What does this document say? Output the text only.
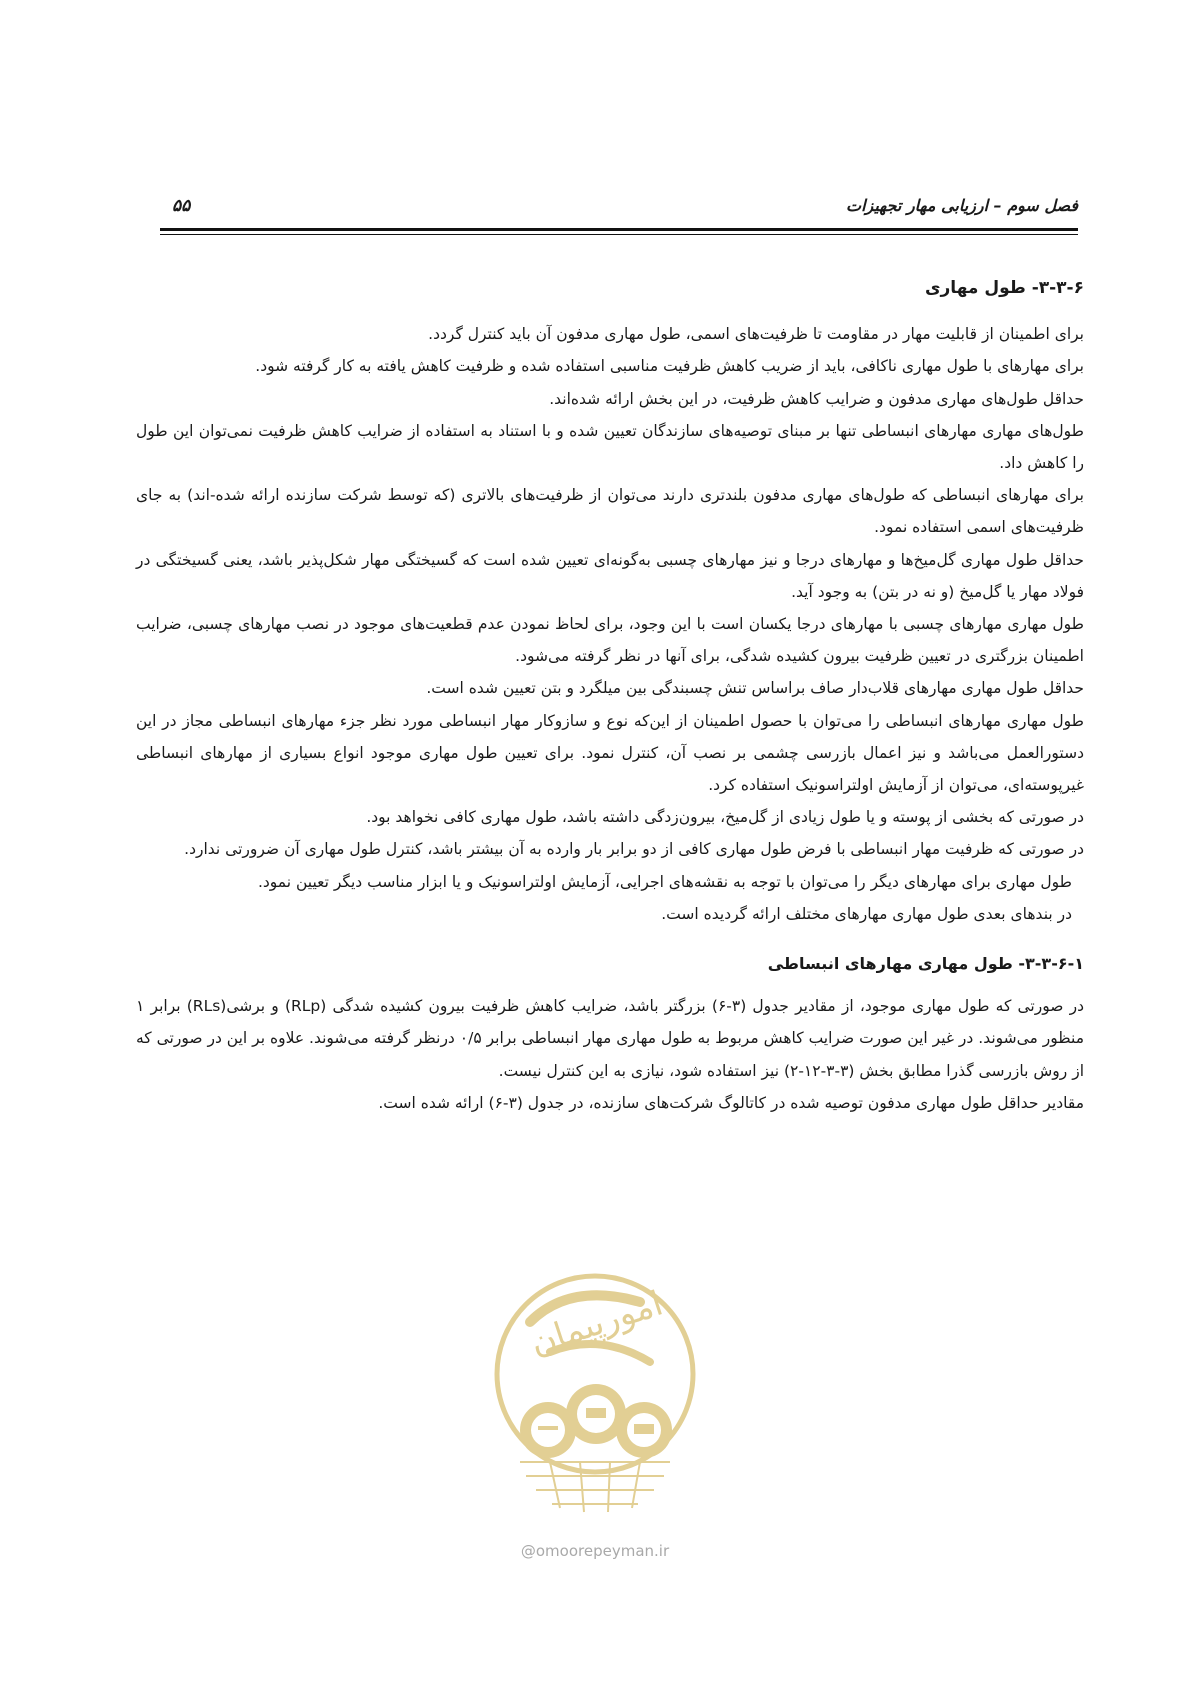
فصل سوم – ارزیابی مهار تجهیزات
۵۵
۳-۳-۶- طول مهاری

برای اطمینان از قابلیت مهار در مقاومت تا ظرفیت‌های اسمی، طول مهاری مدفون آن باید کنترل گردد.

برای مهارهای با طول مهاری ناکافی، باید از ضریب کاهش ظرفیت مناسبی استفاده شده و ظرفیت کاهش یافته به کار گرفته شود.

حداقل طول‌های مهاری مدفون و ضرایب کاهش ظرفیت، در این بخش ارائه شده‌اند.

طول‌های مهاری مهارهای انبساطی تنها بر مبنای توصیه‌های سازندگان تعیین شده و با استناد به استفاده از ضرایب کاهش ظرفیت نمی‌توان این طول را کاهش داد.

برای مهارهای انبساطی که طول‌های مهاری مدفون بلندتری دارند می‌توان از ظرفیت‌های بالاتری (که توسط شرکت سازنده ارائه شده-اند) به جای ظرفیت‌های اسمی استفاده نمود.

حداقل طول مهاری گل‌میخ‌ها و مهارهای درجا و نیز مهارهای چسبی به‌گونه‌ای تعیین شده است که گسیختگی مهار شکل‌پذیر باشد، یعنی گسیختگی در فولاد مهار یا گل‌میخ (و نه در بتن) به وجود آید.

طول مهاری مهارهای چسبی با مهارهای درجا یکسان است با این وجود، برای لحاظ نمودن عدم قطعیت‌های موجود در نصب مهارهای چسبی، ضرایب اطمینان بزرگتری در تعیین ظرفیت بیرون کشیده شدگی، برای آنها در نظر گرفته می‌شود.

حداقل طول مهاری مهارهای قلاب‌دار صاف براساس تنش چسبندگی بین میلگرد و بتن تعیین شده است.

طول مهاری مهارهای انبساطی را می‌توان با حصول اطمینان از این‌که نوع و سازوکار مهار انبساطی مورد نظر جزء مهارهای انبساطی مجاز در این دستورالعمل می‌باشد و نیز اعمال بازرسی چشمی بر نصب آن، کنترل نمود. برای تعیین طول مهاری موجود انواع بسیاری از مهارهای انبساطی غیرپوسته‌ای، می‌توان از آزمایش اولتراسونیک استفاده کرد.

در صورتی که بخشی از پوسته و یا طول زیادی از گل‌میخ، بیرون‌زدگی داشته باشد، طول مهاری کافی نخواهد بود.

در صورتی که ظرفیت مهار انبساطی با فرض طول مهاری کافی از دو برابر بار وارده به آن بیشتر باشد، کنترل طول مهاری آن ضرورتی ندارد.

طول مهاری برای مهارهای دیگر را می‌توان با توجه به نقشه‌های اجرایی، آزمایش اولتراسونیک و یا ابزار مناسب دیگر تعیین نمود.

در بندهای بعدی طول مهاری مهارهای مختلف ارائه گردیده است.

۳-۳-۶-۱- طول مهاری مهارهای انبساطی

در صورتی که طول مهاری موجود، از مقادیر جدول (۳-۶) بزرگتر باشد، ضرایب کاهش ظرفیت بیرون کشیده شدگی (RLp) و برشی(RLs) برابر ۱ منظور می‌شوند. در غیر این صورت ضرایب کاهش مربوط به طول مهاری مهار انبساطی برابر ۰/۵ درنظر گرفته می‌شوند. علاوه بر این در صورتی که از روش بازرسی گذرا مطابق بخش (۳-۳-۱۲-۲) نیز استفاده شود، نیازی به این کنترل نیست.

مقادیر حداقل طول مهاری مدفون توصیه شده در کاتالوگ شرکت‌های سازنده، در جدول (۳-۶) ارائه شده است.

امورپیمان
@omoorepeyman.ir
